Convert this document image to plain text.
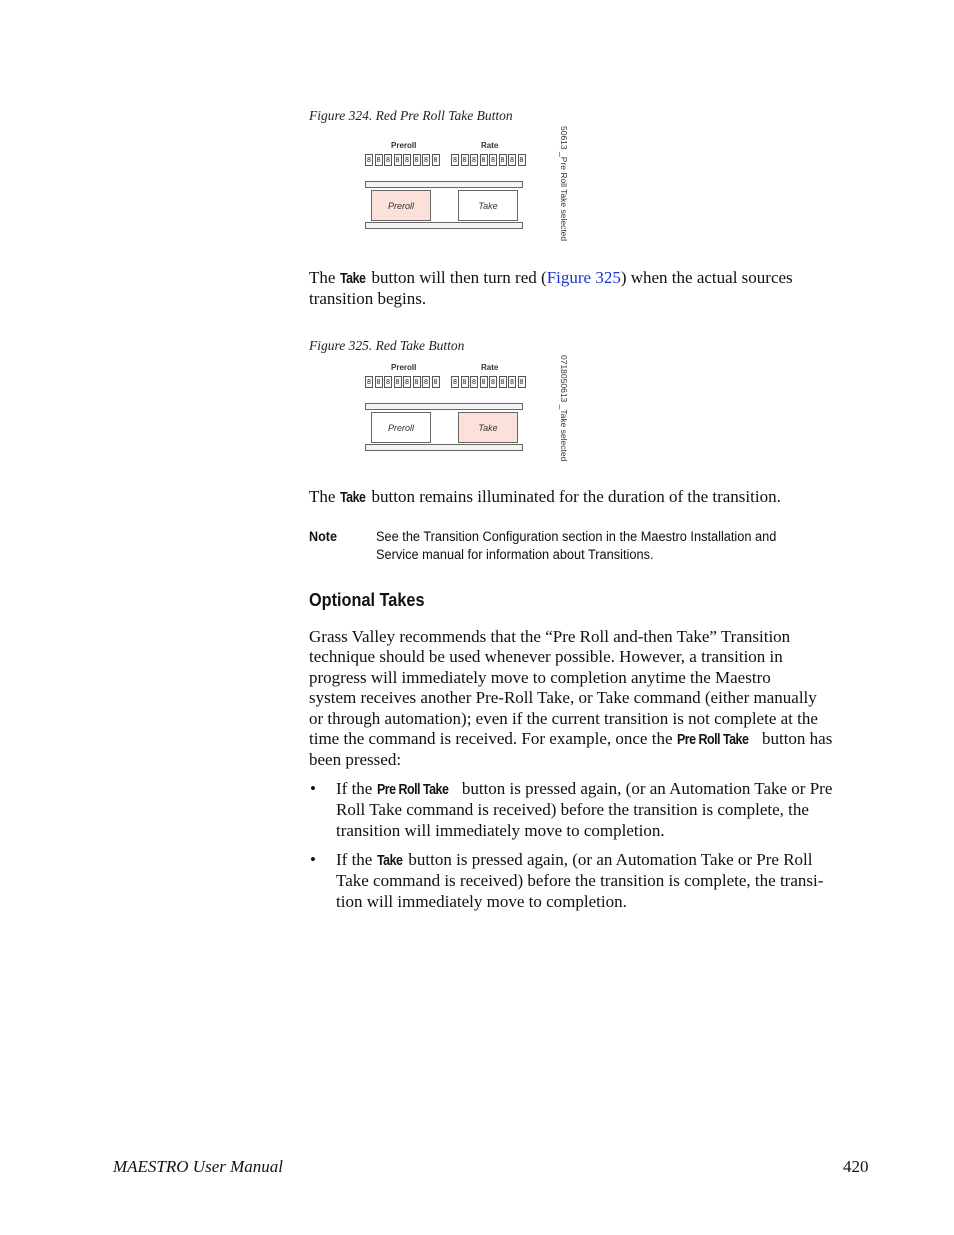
Figure 324. Red Pre Roll Take Button
Preroll	Rate
8 8 8 8 8 8 8 8 8 8 8 8 8 8 8 8
Preroll	Take	50613 _Pre Roll Take selected
The Take button will then turn red (Figure 325) when the actual sources
transition begins.
Figure 325. Red Take Button
Preroll	Rate
8 8 8 8 8 8 8 8 8 8 8 8 8 8 8 8
Preroll	Take	0718050613 _Take selected
The Take button remains illuminated for the duration of the transition.
Note	See the Transition Configuration section in the Maestro Installation and
Service manual for information about Transitions.
Optional Takes
Grass Valley recommends that the “Pre Roll and-then Take” Transition
technique should be used whenever possible. However, a transition in
progress will immediately move to completion anytime the Maestro
system receives another Pre-Roll Take, or Take command (either manually
or through automation); even if the current transition is not complete at the
time the command is received. For example, once the Pre Roll Take button has
been pressed:
• If the Pre Roll Take button is pressed again, (or an Automation Take or Pre
Roll Take command is received) before the transition is complete, the
transition will immediately move to completion.
• If the Take button is pressed again, (or an Automation Take or Pre Roll
Take command is received) before the transition is complete, the transi-
tion will immediately move to completion.
MAESTRO User Manual	420
